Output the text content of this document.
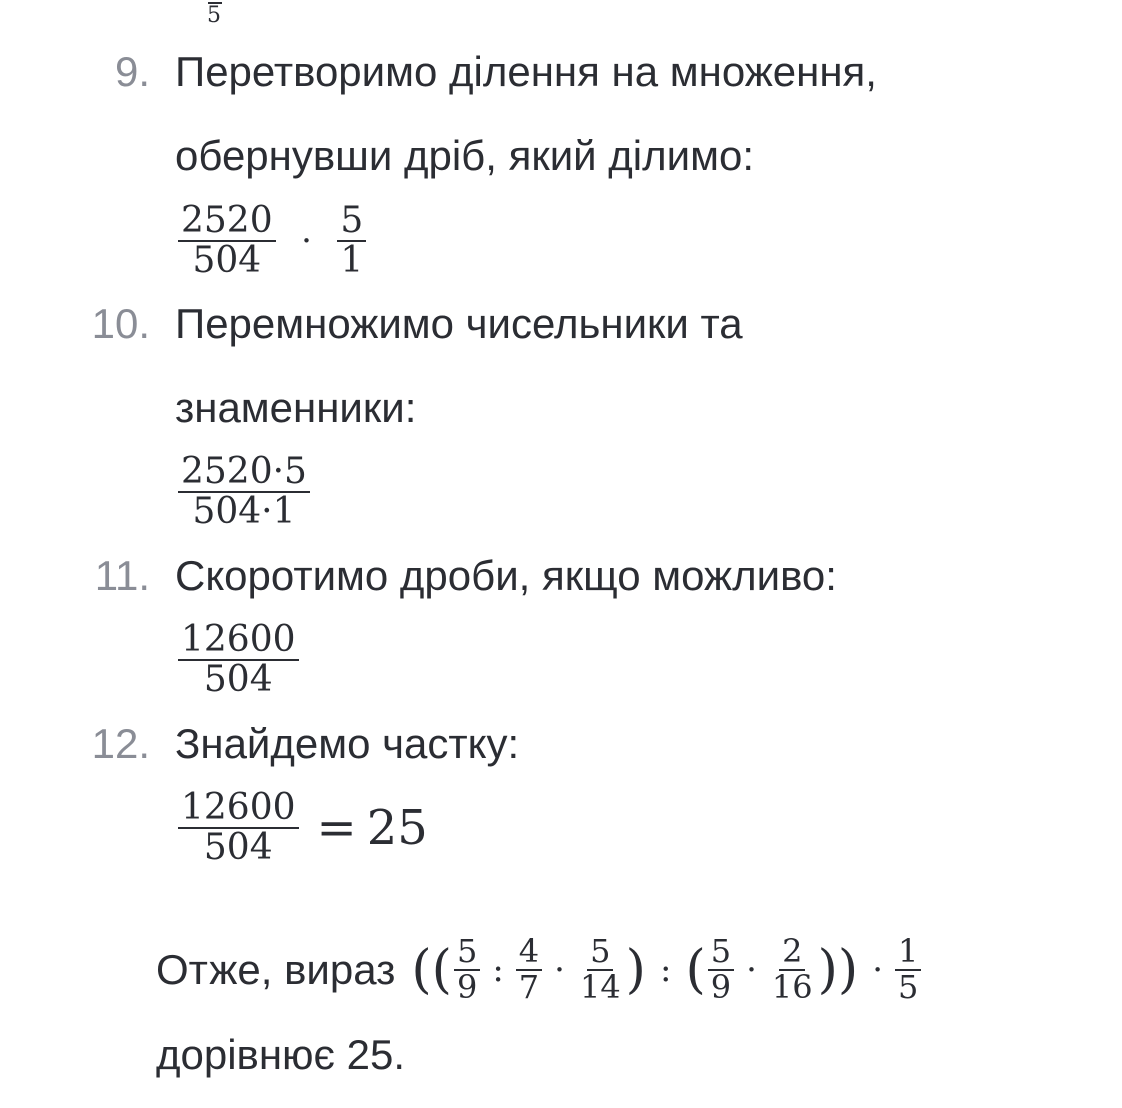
5
9. Перетворимо ділення на множення,
обернувши дріб, який ділимо:
$\frac{2520}{504} \cdot \frac{5}{1}$
10. Перемножимо чисельники та
знаменники:
$\frac{2520\cdot 5}{504\cdot 1}$
11. Скоротимо дроби, якщо можливо:
$\frac{12600}{504}$
12. Знайдемо частку:
$\frac{12600}{504} = 25$
Отже, вираз (( $\frac{5}{9}$ : $\frac{4}{7} \cdot \frac{5}{14}$ ) : ( $\frac{5}{9} \cdot \frac{2}{16}$ )) · $\frac{1}{5}$
дорівнює 25.
